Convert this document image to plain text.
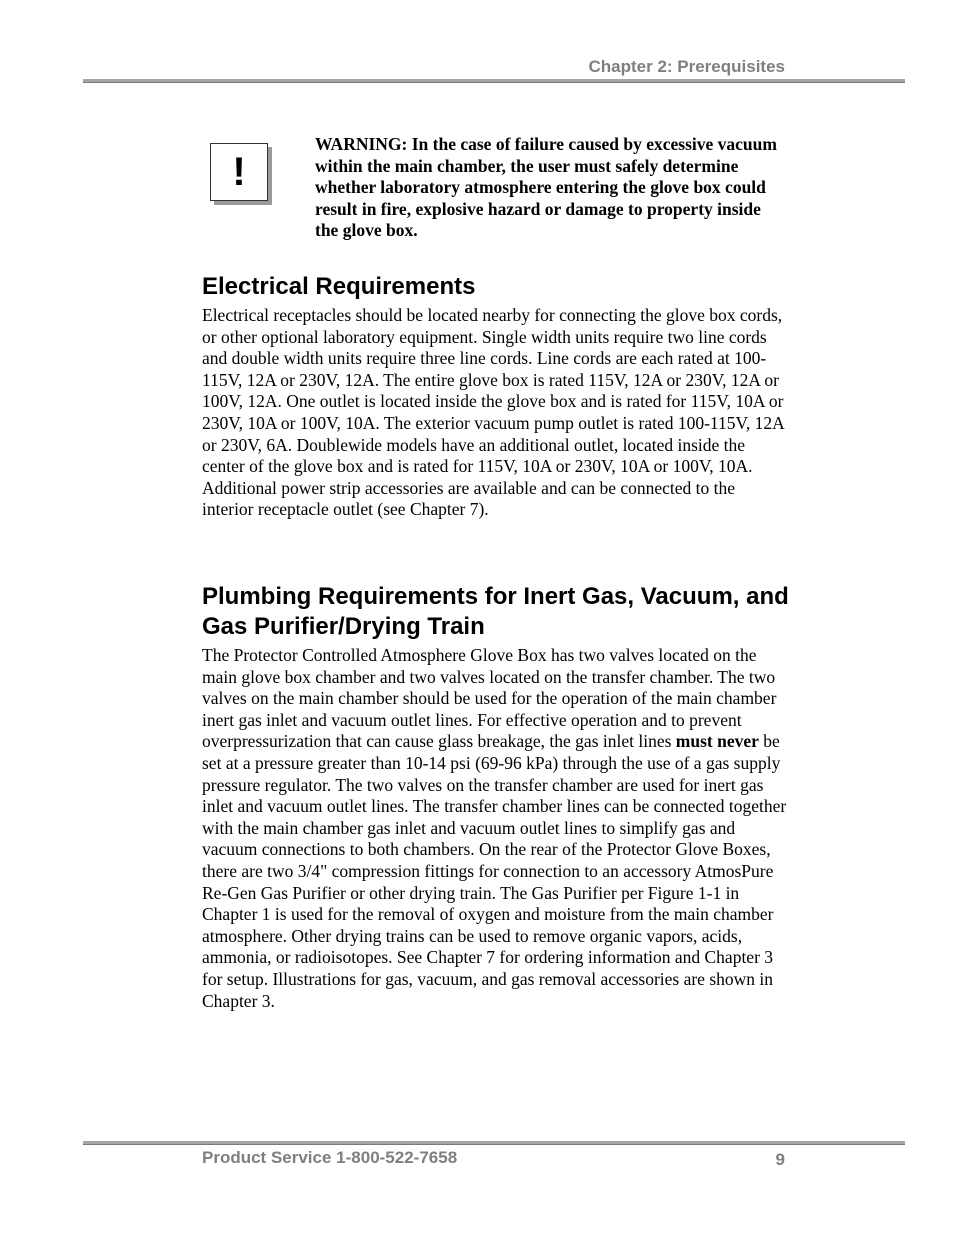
Chapter 2: Prerequisites
!
WARNING: In the case of failure caused by excessive vacuum within the main chamber, the user must safely determine whether laboratory atmosphere entering the glove box could result in fire, explosive hazard or damage to property inside the glove box.
Electrical Requirements

Electrical receptacles should be located nearby for connecting the glove box cords, or other optional laboratory equipment. Single width units require two line cords and double width units require three line cords. Line cords are each rated at 100-115V, 12A or 230V, 12A. The entire glove box is rated 115V, 12A or 230V, 12A or 100V, 12A. One outlet is located inside the glove box and is rated for 115V, 10A or 230V, 10A or 100V, 10A. The exterior vacuum pump outlet is rated 100-115V, 12A or 230V, 6A. Doublewide models have an additional outlet, located inside the center of the glove box and is rated for 115V, 10A or 230V, 10A or 100V, 10A. Additional power strip accessories are available and can be connected to the interior receptacle outlet (see Chapter 7).

Plumbing Requirements for Inert Gas, Vacuum, and Gas Purifier/Drying Train

The Protector Controlled Atmosphere Glove Box has two valves located on the main glove box chamber and two valves located on the transfer chamber. The two valves on the main chamber should be used for the operation of the main chamber inert gas inlet and vacuum outlet lines. For effective operation and to prevent overpressurization that can cause glass breakage, the gas inlet lines must never be set at a pressure greater than 10-14 psi (69-96 kPa) through the use of a gas supply pressure regulator. The two valves on the transfer chamber are used for inert gas inlet and vacuum outlet lines. The transfer chamber lines can be connected together with the main chamber gas inlet and vacuum outlet lines to simplify gas and vacuum connections to both chambers. On the rear of the Protector Glove Boxes, there are two 3/4" compression fittings for connection to an accessory AtmosPure Re-Gen Gas Purifier or other drying train. The Gas Purifier per Figure 1-1 in Chapter 1 is used for the removal of oxygen and moisture from the main chamber atmosphere. Other drying trains can be used to remove organic vapors, acids, ammonia, or radioisotopes. See Chapter 7 for ordering information and Chapter 3 for setup. Illustrations for gas, vacuum, and gas removal accessories are shown in Chapter 3.

Product Service 1-800-522-7658	9
